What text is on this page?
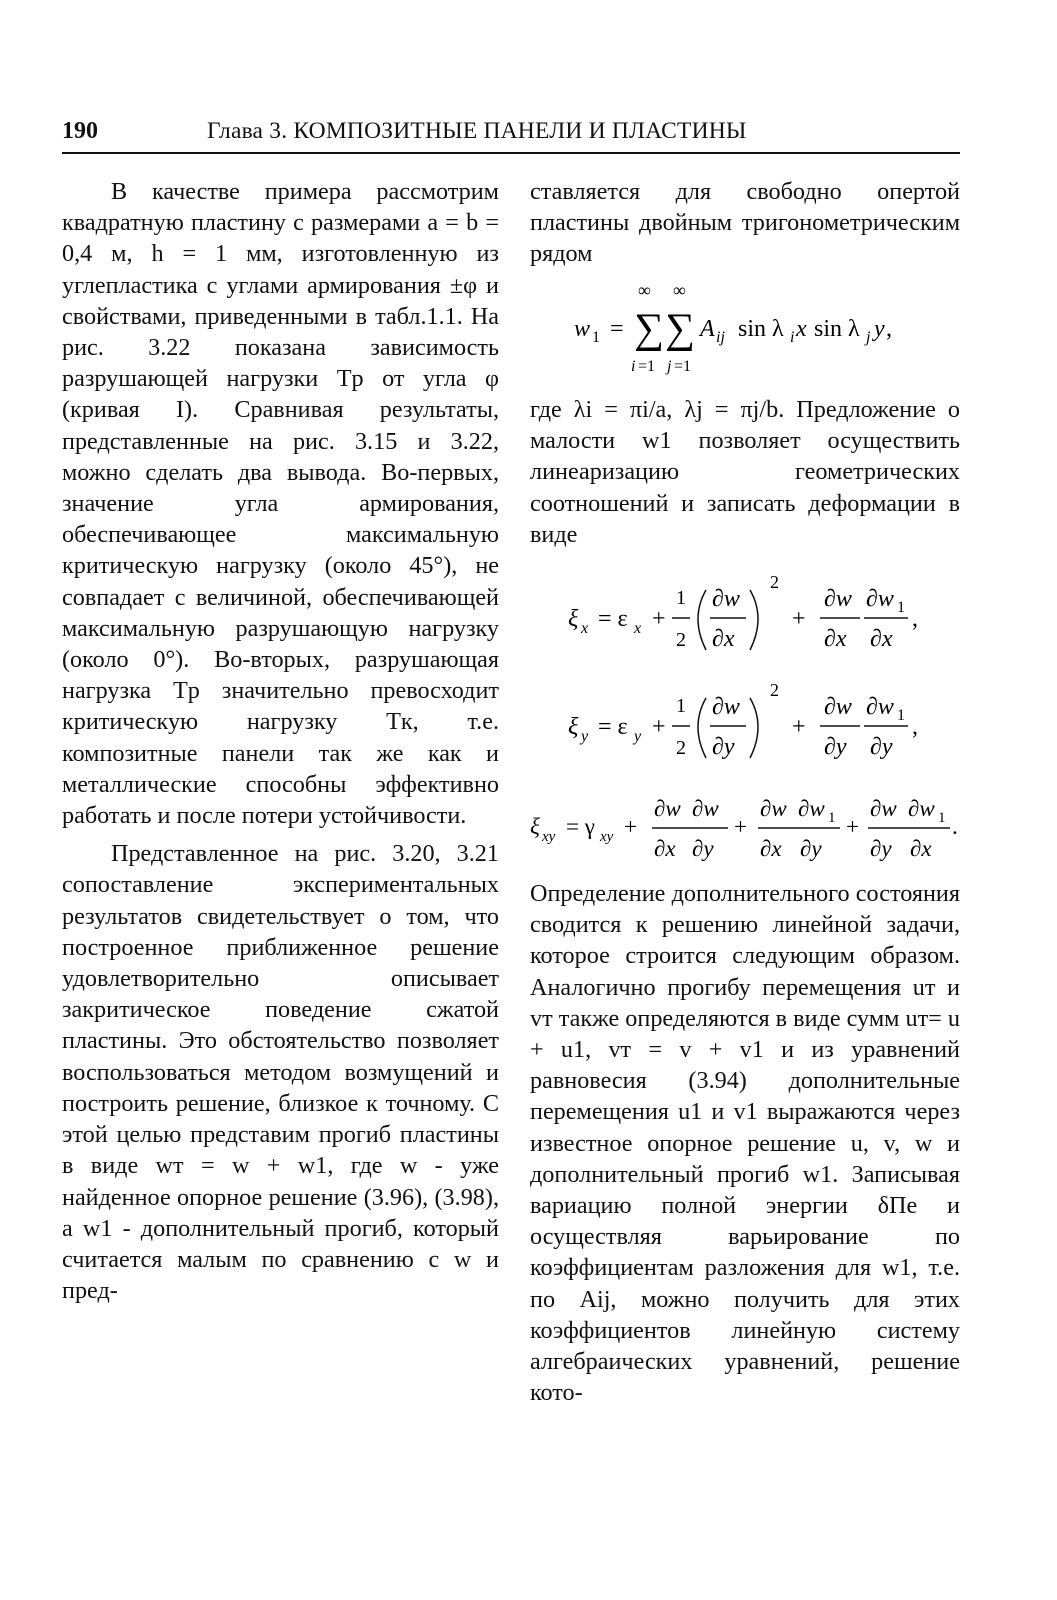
190	Глава 3. КОМПОЗИТНЫЕ ПАНЕЛИ И ПЛАСТИНЫ

В качестве примера рассмотрим квадратную пластину с размерами a = b = 0,4 м, h = 1 мм, изготовленную из углепластика с углами армирования ±φ и свойствами, приведенными в табл.1.1. На рис. 3.22 показана зависимость разрушающей нагрузки Tр от угла φ (кривая I). Сравнивая результаты, представленные на рис. 3.15 и 3.22, можно сделать два вывода. Во-первых, значение угла армирования, обеспечивающее максимальную критическую нагрузку (около 45°), не совпадает с величиной, обеспечивающей максимальную разрушающую нагрузку (около 0°). Во-вторых, разрушающая нагрузка Tр значительно превосходит критическую нагрузку Tк, т.е. композитные панели так же как и металлические способны эффективно работать и после потери устойчивости.

Представленное на рис. 3.20, 3.21 сопоставление экспериментальных результатов свидетельствует о том, что построенное приближенное решение удовлетворительно описывает закритическое поведение сжатой пластины. Это обстоятельство позволяет воспользоваться методом возмущений и построить решение, близкое к точному. С этой целью представим прогиб пластины в виде wт = w + w1, где w - уже найденное опорное решение (3.96), (3.98), а w1 - дополнительный прогиб, который считается малым по сравнению с w и пред-

ставляется для свободно опертой пластины двойным тригонометрическим рядом

w 1 = ∑ ∑
∞ ∞
i =1 j =1
A ij sin λ i x sin λ j y ,

где λi = πi/a, λj = πj/b. Предложение о малости w1 позволяет осуществить линеаризацию геометрических соотношений и записать деформации в виде

ξ x = ε x +
1
2
∂w
∂x
2
+
∂w
∂x
∂w 1
∂x
,
ξ y = ε y +
1
2
∂w
∂y
2
+
∂w
∂y
∂w 1
∂y
,
ξ xy = γ xy +
∂w ∂w
∂x ∂y
+
∂w ∂w 1
∂x ∂y
+
∂w ∂w 1
∂y ∂x
.

Определение дополнительного состояния сводится к решению линейной задачи, которое строится следующим образом. Аналогично прогибу перемещения uт и vт также определяются в виде сумм uт= u + u1, vт = v + v1 и из уравнений равновесия (3.94) дополнительные перемещения u1 и v1 выражаются через известное опорное решение u, v, w и дополнительный прогиб w1. Записывая вариацию полной энергии δПe и осуществляя варьирование по коэффициентам разложения для w1, т.е. по Aij, можно получить для этих коэффициентов линейную систему алгебраических уравнений, решение кото-
